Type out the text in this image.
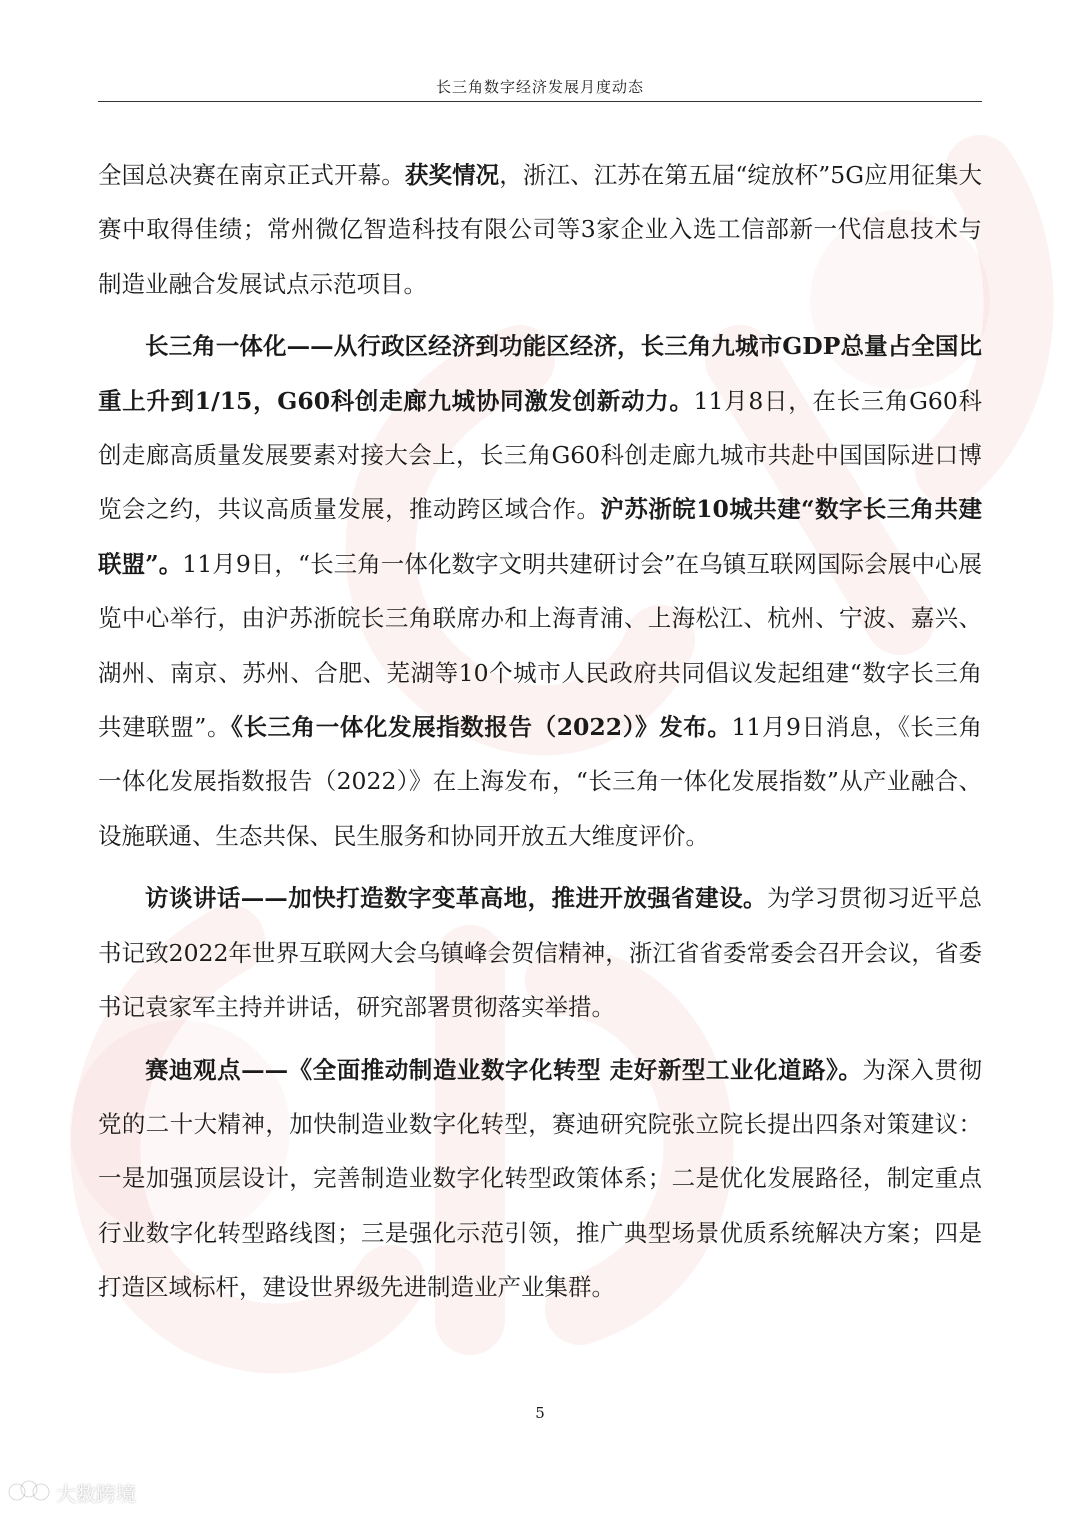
长三角数字经济发展月度动态

全国总决赛在南京正式开幕。获奖情况，浙江、江苏在第五届“绽放杯”5G应用征集大赛中取得佳绩；常州微亿智造科技有限公司等3家企业入选工信部新一代信息技术与制造业融合发展试点示范项目。

长三角一体化——从行政区经济到功能区经济，长三角九城市GDP总量占全国比重上升到1/15，G60科创走廊九城协同激发创新动力。11月8日，在长三角G60科创走廊高质量发展要素对接大会上，长三角G60科创走廊九城市共赴中国国际进口博览会之约，共议高质量发展，推动跨区域合作。沪苏浙皖10城共建“数字长三角共建联盟”。11月9日，“长三角一体化数字文明共建研讨会”在乌镇互联网国际会展中心展览中心举行，由沪苏浙皖长三角联席办和上海青浦、上海松江、杭州、宁波、嘉兴、湖州、南京、苏州、合肥、芜湖等10个城市人民政府共同倡议发起组建“数字长三角共建联盟”。《长三角一体化发展指数报告（2022）》发布。11月9日消息，《长三角一体化发展指数报告（2022）》在上海发布，“长三角一体化发展指数”从产业融合、设施联通、生态共保、民生服务和协同开放五大维度评价。

访谈讲话——加快打造数字变革高地，推进开放强省建设。为学习贯彻习近平总书记致2022年世界互联网大会乌镇峰会贺信精神，浙江省省委常委会召开会议，省委书记袁家军主持并讲话，研究部署贯彻落实举措。

赛迪观点——《全面推动制造业数字化转型 走好新型工业化道路》。为深入贯彻党的二十大精神，加快制造业数字化转型，赛迪研究院张立院长提出四条对策建议：一是加强顶层设计，完善制造业数字化转型政策体系；二是优化发展路径，制定重点行业数字化转型路线图；三是强化示范引领，推广典型场景优质系统解决方案；四是打造区域标杆，建设世界级先进制造业产业集群。

5
大数跨境
